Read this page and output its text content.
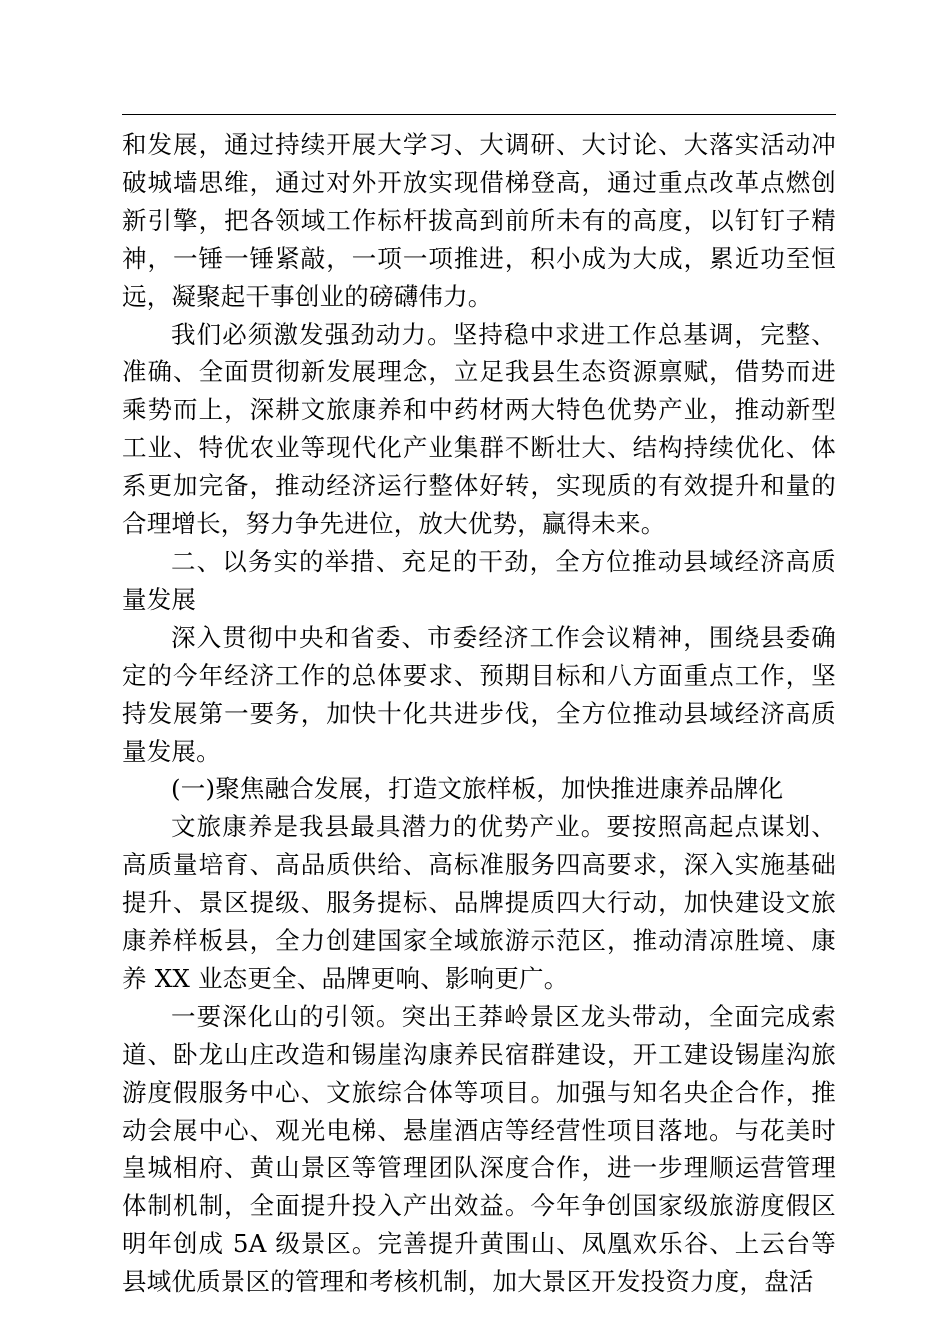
和发展，通过持续开展大学习、大调研、大讨论、大落实活动冲破城墙思维，通过对外开放实现借梯登高，通过重点改革点燃创新引擎，把各领域工作标杆拔高到前所未有的高度，以钉钉子精神，一锤一锤紧敲，一项一项推进，积小成为大成，累近功至恒远，凝聚起干事创业的磅礴伟力。

我们必须激发强劲动力。坚持稳中求进工作总基调，完整、准确、全面贯彻新发展理念，立足我县生态资源禀赋，借势而进乘势而上，深耕文旅康养和中药材两大特色优势产业，推动新型工业、特优农业等现代化产业集群不断壮大、结构持续优化、体系更加完备，推动经济运行整体好转，实现质的有效提升和量的合理增长，努力争先进位，放大优势，赢得未来。

二、以务实的举措、充足的干劲，全方位推动县域经济高质量发展

深入贯彻中央和省委、市委经济工作会议精神，围绕县委确定的今年经济工作的总体要求、预期目标和八方面重点工作，坚持发展第一要务，加快十化共进步伐，全方位推动县域经济高质量发展。

(一)聚焦融合发展，打造文旅样板，加快推进康养品牌化

文旅康养是我县最具潜力的优势产业。要按照高起点谋划、高质量培育、高品质供给、高标准服务四高要求，深入实施基础提升、景区提级、服务提标、品牌提质四大行动，加快建设文旅康养样板县，全力创建国家全域旅游示范区，推动清凉胜境、康养 XX 业态更全、品牌更响、影响更广。

一要深化山的引领。突出王莽岭景区龙头带动，全面完成索道、卧龙山庄改造和锡崖沟康养民宿群建设，开工建设锡崖沟旅游度假服务中心、文旅综合体等项目。加强与知名央企合作，推动会展中心、观光电梯、悬崖酒店等经营性项目落地。与花美时皇城相府、黄山景区等管理团队深度合作，进一步理顺运营管理体制机制，全面提升投入产出效益。今年争创国家级旅游度假区明年创成 5A 级景区。完善提升黄围山、凤凰欢乐谷、上云台等县域优质景区的管理和考核机制，加大景区开发投资力度，盘活
